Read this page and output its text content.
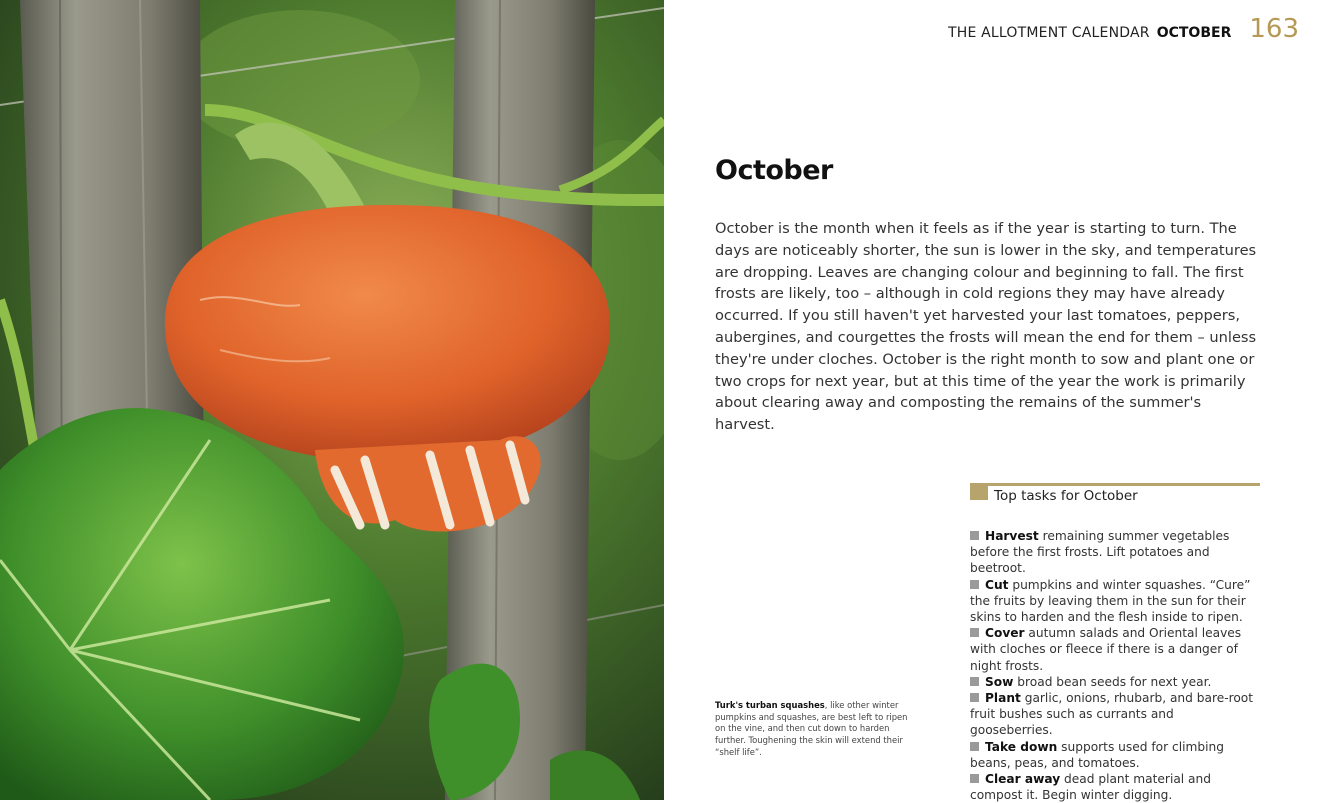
THE ALLOTMENT CALENDAR OCTOBER 163
October

October is the month when it feels as if the year is starting to turn. The days are noticeably shorter, the sun is lower in the sky, and temperatures are dropping. Leaves are changing colour and beginning to fall. The first frosts are likely, too – although in cold regions they may have already occurred. If you still haven't yet harvested your last tomatoes, peppers, aubergines, and courgettes the frosts will mean the end for them – unless they're under cloches. October is the right month to sow and plant one or two crops for next year, but at this time of the year the work is primarily about clearing away and composting the remains of the summer's harvest.

Top tasks for October
Harvest remaining summer vegetables before the first frosts. Lift potatoes and beetroot.
Cut pumpkins and winter squashes. “Cure” the fruits by leaving them in the sun for their skins to harden and the flesh inside to ripen.
Cover autumn salads and Oriental leaves with cloches or fleece if there is a danger of night frosts.
Sow broad bean seeds for next year.
Plant garlic, onions, rhubarb, and bare-root fruit bushes such as currants and gooseberries.
Take down supports used for climbing beans, peas, and tomatoes.
Clear away dead plant material and compost it. Begin winter digging.
Turk's turban squashes, like other winter pumpkins and squashes, are best left to ripen on the vine, and then cut down to harden further. Toughening the skin will extend their “shelf life”.
